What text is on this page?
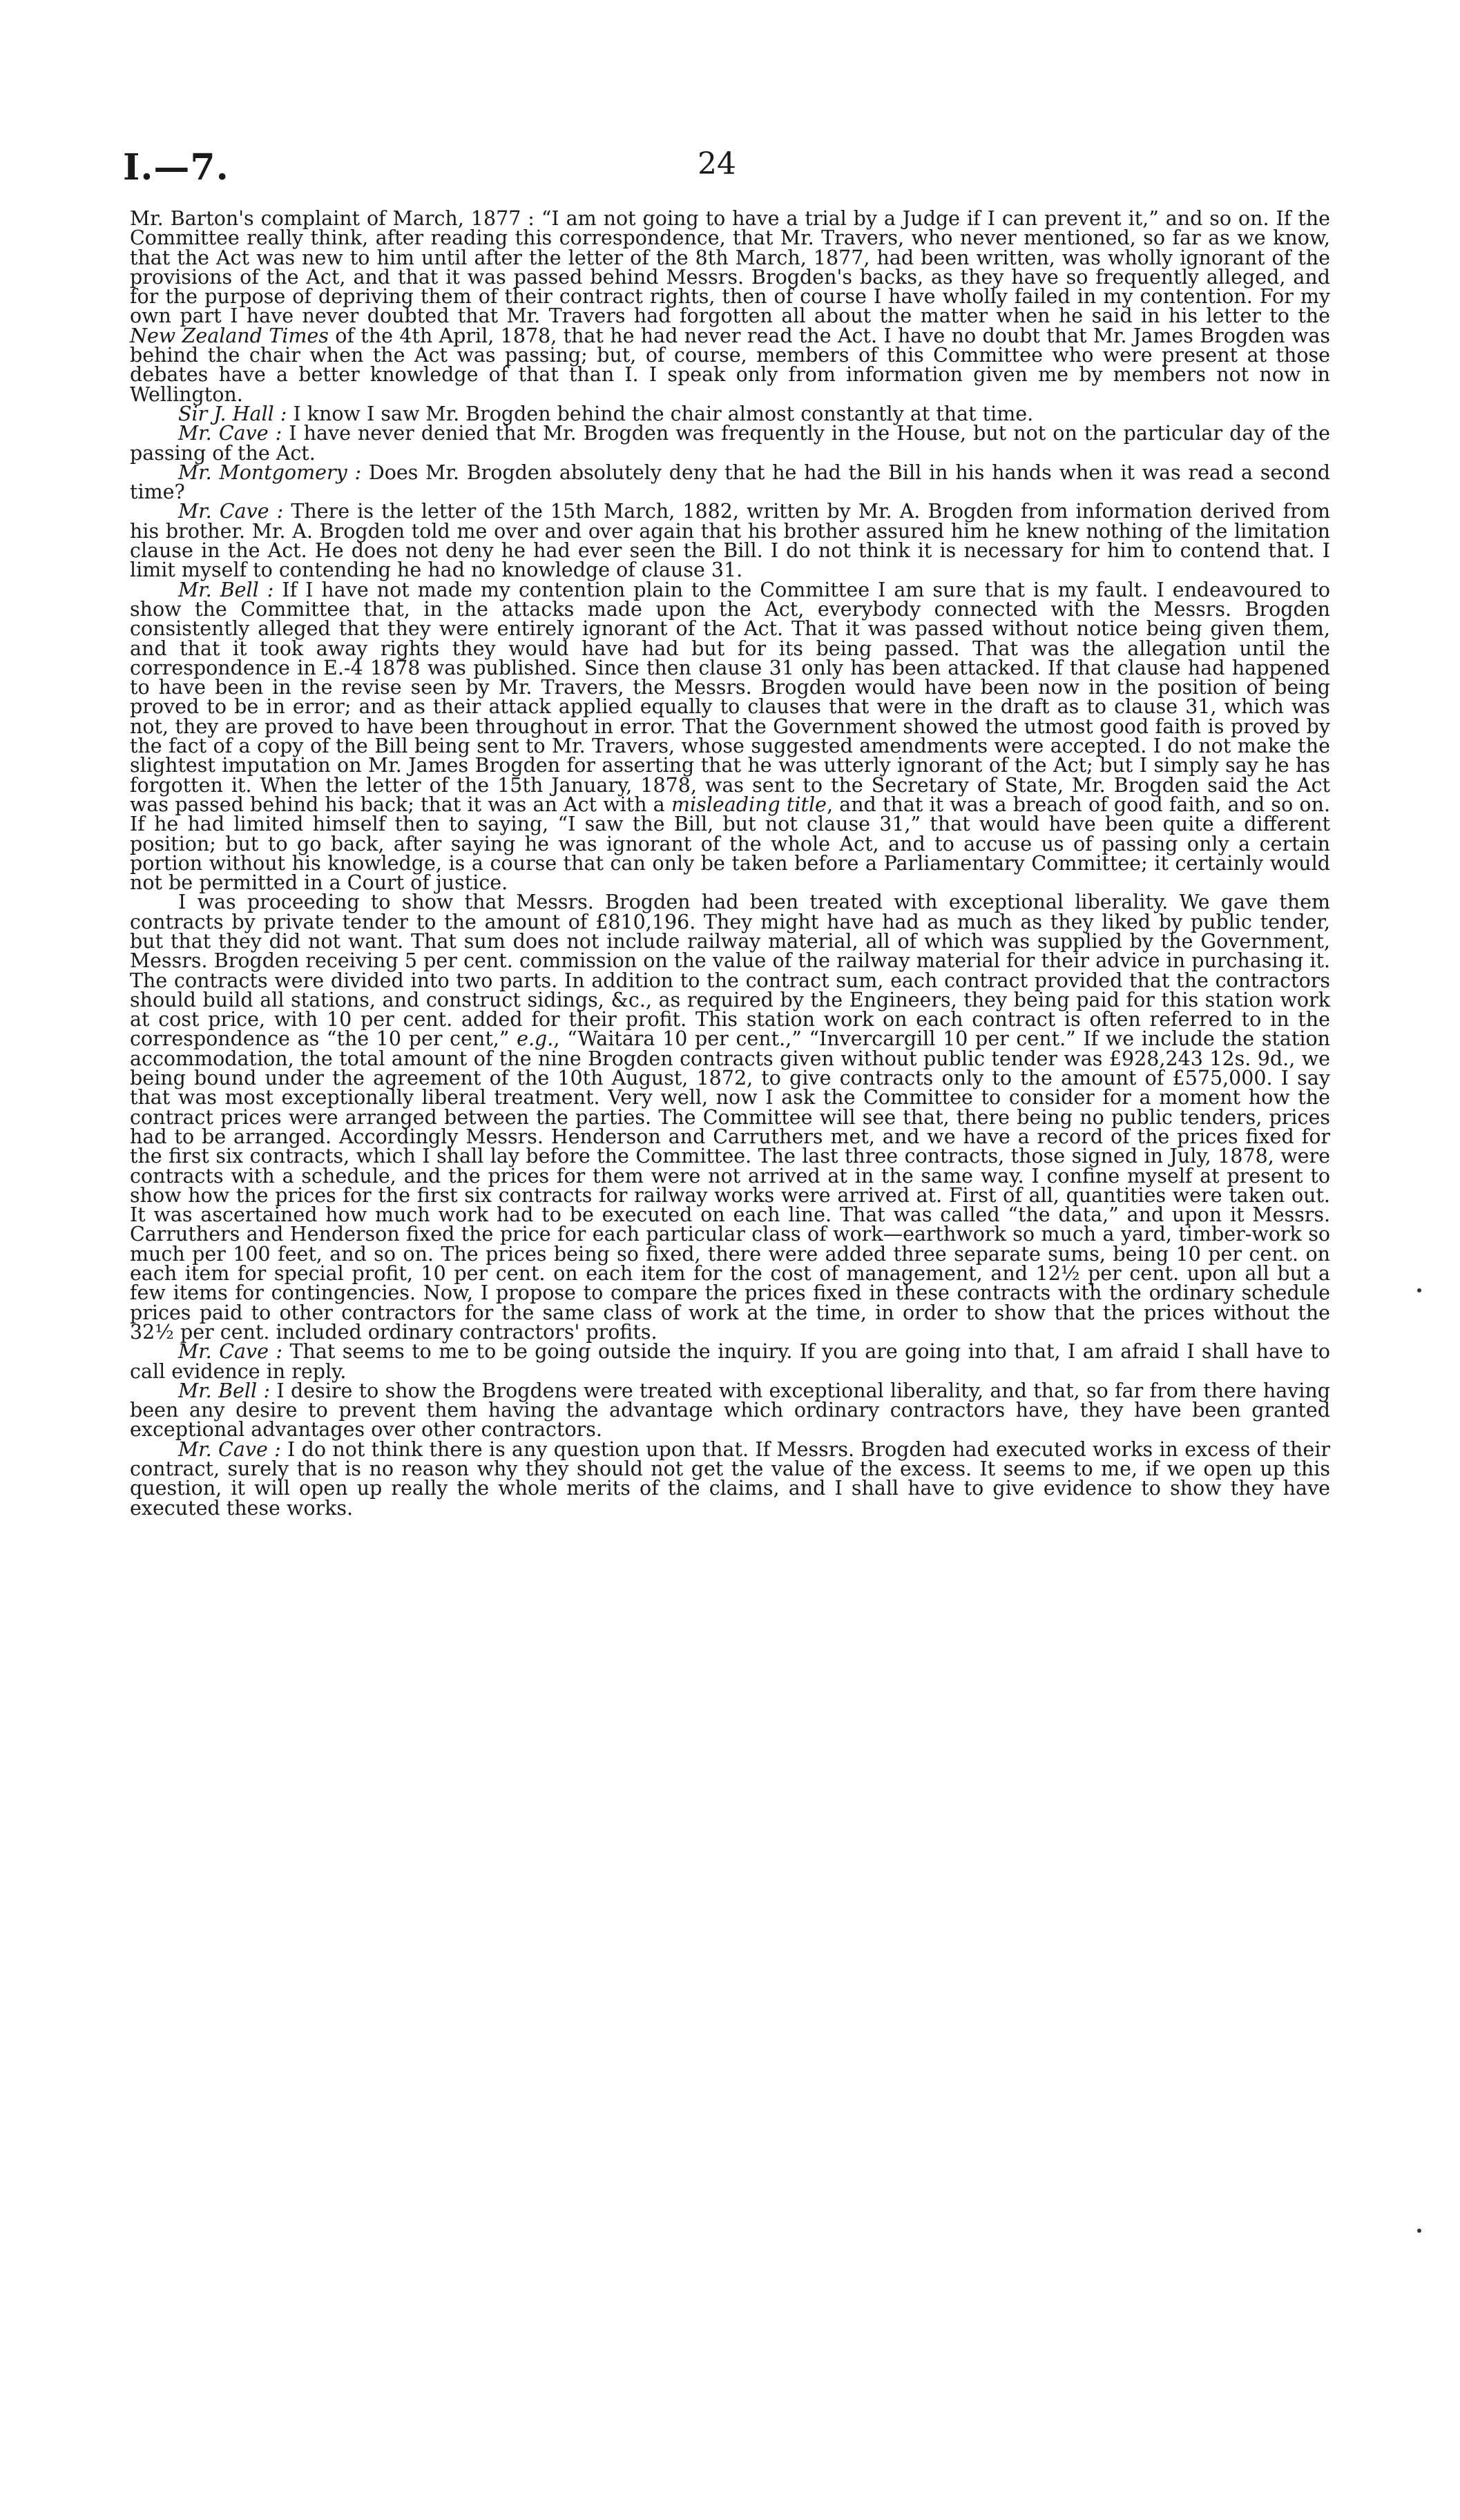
I.—7.	24

Mr. Barton's complaint of March, 1877 : “I am not going to have a trial by a Judge if I can prevent it,” and so on. If the Committee really think, after reading this correspondence, that Mr. Travers, who never mentioned, so far as we know, that the Act was new to him until after the letter of the 8th March, 1877, had been written, was wholly ignorant of the provisions of the Act, and that it was passed behind Messrs. Brogden's backs, as they have so frequently alleged, and for the purpose of depriving them of their contract rights, then of course I have wholly failed in my contention. For my own part I have never doubted that Mr. Travers had forgotten all about the matter when he said in his letter to the New Zealand Times of the 4th April, 1878, that he had never read the Act. I have no doubt that Mr. James Brogden was behind the chair when the Act was passing; but, of course, members of this Committee who were present at those debates have a better knowledge of that than I. I speak only from information given me by members not now in Wellington.

Sir J. Hall : I know I saw Mr. Brogden behind the chair almost constantly at that time.

Mr. Cave : I have never denied that Mr. Brogden was frequently in the House, but not on the particular day of the passing of the Act.

Mr. Montgomery : Does Mr. Brogden absolutely deny that he had the Bill in his hands when it was read a second time?

Mr. Cave : There is the letter of the 15th March, 1882, written by Mr. A. Brogden from information derived from his brother. Mr. A. Brogden told me over and over again that his brother assured him he knew nothing of the limitation clause in the Act. He does not deny he had ever seen the Bill. I do not think it is necessary for him to contend that. I limit myself to contending he had no knowledge of clause 31.

Mr. Bell : If I have not made my contention plain to the Committee I am sure that is my fault. I endeavoured to show the Committee that, in the attacks made upon the Act, everybody connected with the Messrs. Brogden consistently alleged that they were entirely ignorant of the Act. That it was passed without notice being given them, and that it took away rights they would have had but for its being passed. That was the allegation until the correspondence in E.-4 1878 was published. Since then clause 31 only has been attacked. If that clause had happened to have been in the revise seen by Mr. Travers, the Messrs. Brogden would have been now in the position of being proved to be in error; and as their attack applied equally to clauses that were in the draft as to clause 31, which was not, they are proved to have been throughout in error. That the Government showed the utmost good faith is proved by the fact of a copy of the Bill being sent to Mr. Travers, whose suggested amendments were accepted. I do not make the slightest imputation on Mr. James Brogden for asserting that he was utterly ignorant of the Act; but I simply say he has forgotten it. When the letter of the 15th January, 1878, was sent to the Secretary of State, Mr. Brogden said the Act was passed behind his back; that it was an Act with a misleading title, and that it was a breach of good faith, and so on. If he had limited himself then to saying, “I saw the Bill, but not clause 31,” that would have been quite a different position; but to go back, after saying he was ignorant of the whole Act, and to accuse us of passing only a certain portion without his knowledge, is a course that can only be taken before a Parliamentary Committee; it certainly would not be permitted in a Court of justice.

I was proceeding to show that Messrs. Brogden had been treated with exceptional liberality. We gave them contracts by private tender to the amount of £810,196. They might have had as much as they liked by public tender, but that they did not want. That sum does not include railway material, all of which was supplied by the Government, Messrs. Brogden receiving 5 per cent. commission on the value of the railway material for their advice in purchasing it. The contracts were divided into two parts. In addition to the contract sum, each contract provided that the contractors should build all stations, and construct sidings, &c., as required by the Engineers, they being paid for this station work at cost price, with 10 per cent. added for their profit. This station work on each contract is often referred to in the correspondence as “the 10 per cent,” e.g., “Waitara 10 per cent.,” “Invercargill 10 per cent.” If we include the station accommodation, the total amount of the nine Brogden contracts given without public tender was £928,243 12s. 9d., we being bound under the agreement of the 10th August, 1872, to give contracts only to the amount of £575,000. I say that was most exceptionally liberal treatment. Very well, now I ask the Committee to consider for a moment how the contract prices were arranged between the parties. The Committee will see that, there being no public tenders, prices had to be arranged. Accordingly Messrs. Henderson and Carruthers met, and we have a record of the prices fixed for the first six contracts, which I shall lay before the Committee. The last three contracts, those signed in July, 1878, were contracts with a schedule, and the prices for them were not arrived at in the same way. I confine myself at present to show how the prices for the first six contracts for railway works were arrived at. First of all, quantities were taken out. It was ascertained how much work had to be executed on each line. That was called “the data,” and upon it Messrs. Carruthers and Henderson fixed the price for each particular class of work—earthwork so much a yard, timber-work so much per 100 feet, and so on. The prices being so fixed, there were added three separate sums, being 10 per cent. on each item for special profit, 10 per cent. on each item for the cost of management, and 12½ per cent. upon all but a few items for contingencies. Now, I propose to compare the prices fixed in these contracts with the ordinary schedule prices paid to other contractors for the same class of work at the time, in order to show that the prices without the 32½ per cent. included ordinary contractors' profits.

Mr. Cave : That seems to me to be going outside the inquiry. If you are going into that, I am afraid I shall have to call evidence in reply.

Mr. Bell : I desire to show the Brogdens were treated with exceptional liberality, and that, so far from there having been any desire to prevent them having the advantage which ordinary contractors have, they have been granted exceptional advantages over other contractors.

Mr. Cave : I do not think there is any question upon that. If Messrs. Brogden had executed works in excess of their contract, surely that is no reason why they should not get the value of the excess. It seems to me, if we open up this question, it will open up really the whole merits of the claims, and I shall have to give evidence to show they have executed these works.
